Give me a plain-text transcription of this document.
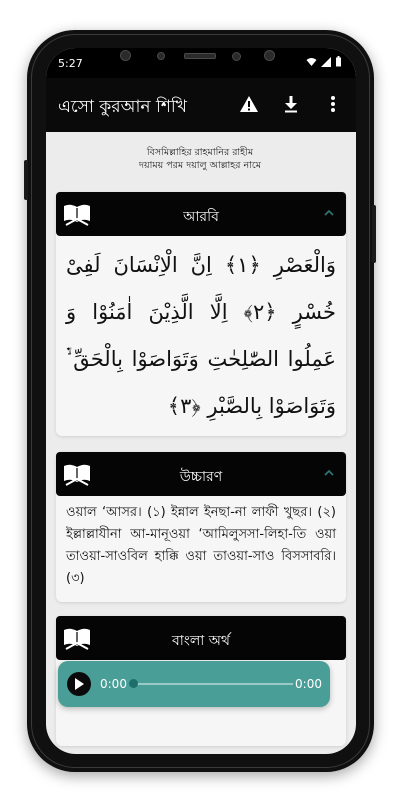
5:27
এসো কুরআন শিখি
বিসমিল্লাহির রাহমানির রাহীম
দয়াময় পরম দয়ালু আল্লাহর নামে
আরবি
وَالْعَصْرِ ﴿١﴾ اِنَّ الْاِنْسَانَ لَفِیْ خُسْرٍ ﴿٢﴾ اِلَّا الَّذِیْنَ اٰمَنُوْا وَ عَمِلُوا الصّٰلِحٰتِ وَتَوَاصَوْا بِالْحَقِّ ۙ۬ وَتَوَاصَوْا بِالصَّبْرِ ﴿٣﴾
উচ্চারণ
ওয়াল ‘আসর। (১) ইন্নাল ইনছা-না লাফী খুছর। (২) ইল্লাল্লাযীনা আ-মানূওয়া ‘আমিলুসসা-লিহা-তি ওয়া তাওয়া-সাওবিল হাক্কি ওয়া তাওয়া-সাও বিসসাবরি। (৩)
বাংলা অর্থ
0:00	0:00
